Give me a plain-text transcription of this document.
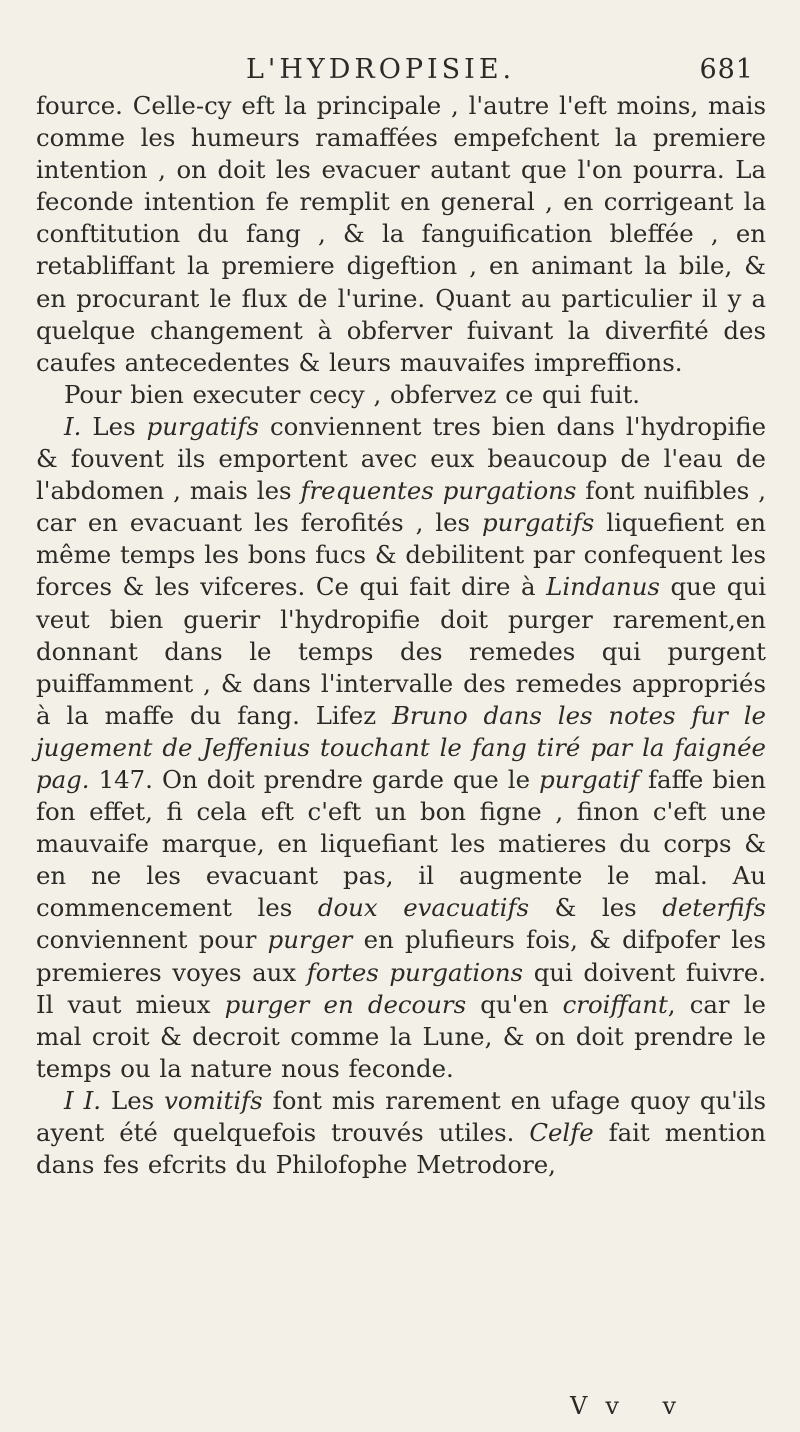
L'HYDROPISIE.	681

fource. Celle-cy eft la principale , l'autre l'eft moins, mais comme les humeurs ramaffées empefchent la premiere intention , on doit les evacuer autant que l'on pourra. La feconde intention fe remplit en general , en corrigeant la conftitution du fang , & la fanguification bleffée , en retabliffant la premiere digeftion , en animant la bile, & en procurant le flux de l'urine. Quant au particulier il y a quelque changement à obferver fuivant la diverfité des caufes antecedentes & leurs mauvaifes impreffions.

Pour bien executer cecy , obfervez ce qui fuit.

I. Les purgatifs conviennent tres bien dans l'hydropifie & fouvent ils emportent avec eux beaucoup de l'eau de l'abdomen , mais les frequentes purgations font nuifibles , car en evacuant les ferofités , les purgatifs liquefient en même temps les bons fucs & debilitent par confequent les forces & les vifceres. Ce qui fait dire à Lindanus que qui veut bien guerir l'hydropifie doit purger rarement,en donnant dans le temps des remedes qui purgent puiffamment , & dans l'intervalle des remedes appropriés à la maffe du fang. Lifez Bruno dans les notes fur le jugement de Jeffenius touchant le fang tiré par la faignée pag. 147. On doit prendre garde que le purgatif faffe bien fon effet, fi cela eft c'eft un bon figne , finon c'eft une mauvaife marque, en liquefiant les matieres du corps & en ne les evacuant pas, il augmente le mal. Au commencement les doux evacuatifs & les deterfifs conviennent pour purger en plufieurs fois, & difpofer les premieres voyes aux fortes purgations qui doivent fuivre. Il vaut mieux purger en decours qu'en croiffant, car le mal croit & decroit comme la Lune, & on doit prendre le temps ou la nature nous feconde.

I I. Les vomitifs font mis rarement en ufage quoy qu'ils ayent été quelquefois trouvés utiles. Celfe fait mention dans fes efcrits du Philofophe Metrodore,

Vv v
